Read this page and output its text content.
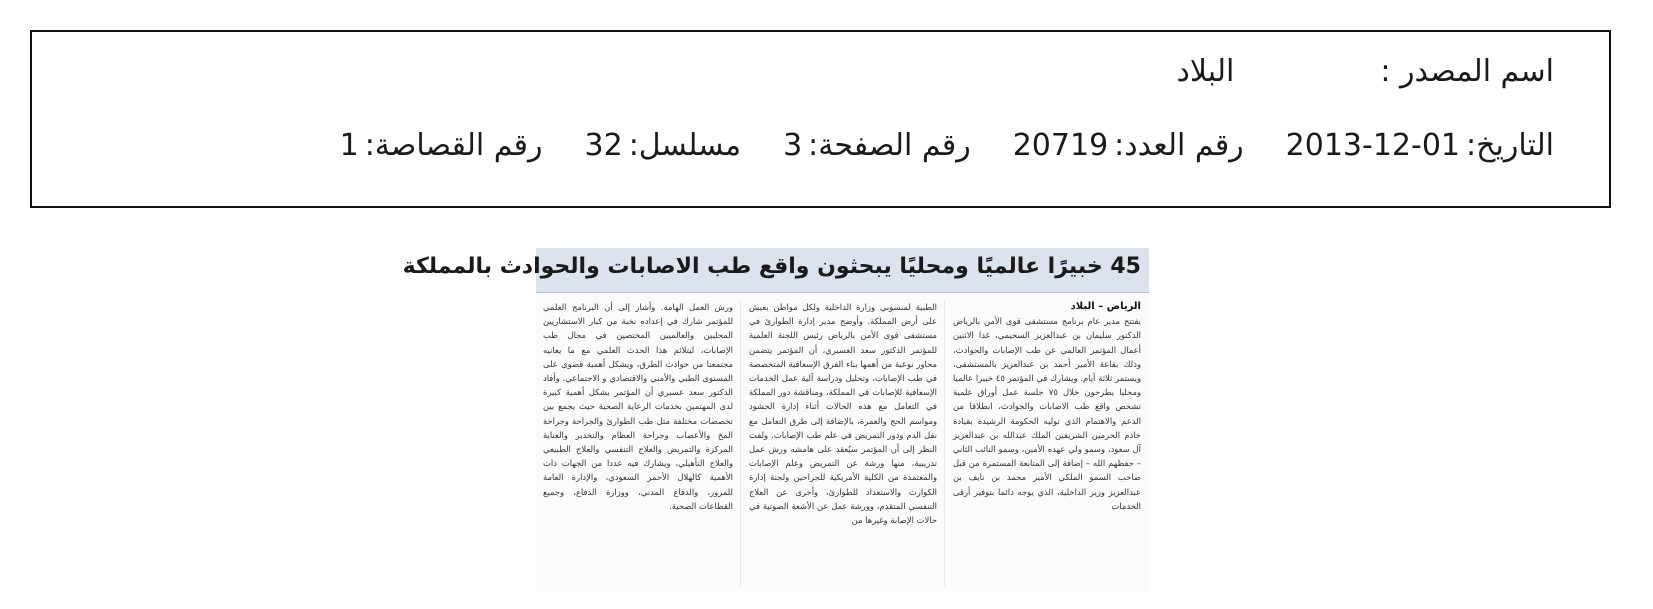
اسم المصدر :
البلاد
التاريخ:
2013-12-01
رقم العدد:
20719
رقم الصفحة:
3
مسلسل:
32
رقم القصاصة:
1
45 خبيرًا عالميًا ومحليًا يبحثون واقع طب الاصابات والحوادث بالمملكة
الرياض – البلاد
يفتتح مدير عام برنامج مستشفى قوى الأمن بالرياض الدكتور سليمان بن عبدالعزيز السحيمي، غدا الاثنين أعمال المؤتمر العالمي عن طب الإصابات والحوادث، وذلك بقاعة الأمير أحمد بن عبدالعزيز بالمستشفى، ويستمر ثلاثة أيام. ويشارك في المؤتمر ٤٥ خبيرا عالميا ومحليا يطرحون خلال ٧٥ جلسة عمل أوراق علمية تشخص واقع طب الاصابات والحوادث، انطلاقا من الدعم والاهتمام الذي توليه الحكومة الرشيدة بقيادة خادم الحرمين الشريفين الملك عبدالله بن عبدالعزيز آل سعود، وسمو ولي عهده الأمين، وسمو النائب الثاني – حفظهم الله – إضافة إلى المتابعة المستمرة من قبل صاحب السمو الملكي الأمير محمد بن نايف بن عبدالعزيز وزير الداخلية، الذي يوجه دائما بتوفير أرقى الخدمات
الطبية لمنسوبي وزارة الداخلية ولكل مواطن يعيش على أرض المملكة. وأوضح مدير إدارة الطوارئ في مستشفى قوى الأمن بالرياض رئيس اللجنة العلمية للمؤتمر الدكتور سعد العسيري، أن المؤتمر يتضمن محاور نوعية من أهمها بناء الفرق الإسعافية المتخصصة في طب الإصابات، وتحليل ودراسة آلية عمل الخدمات الإسعافية للإصابات في المملكة، ومناقشة دور المملكة في التعامل مع هذه الحالات أثناء إدارة الحشود ومواسم الحج والعمرة، بالإضافة إلى طرق التعامل مع نقل الدم ودور التمريض في علم طب الإصابات. ولفت النظر إلى أن المؤتمر سيُعقد على هامشه ورش عمل تدريبية، منها ورشة عن التمريض وعلم الإصابات والمعتمدة من الكلية الأمريكية للجراحين ولجنة إدارة الكوارث والاستعداد للطوارئ، وأخرى عن العلاج التنفسي المتقدم، وورشة عمل عن الأشعة الصوتية في حالات الإصابة وغيرها من
ورش العمل الهامة. وأشار إلى أن البرنامج العلمي للمؤتمر شارك في إعداده نخبة من كبار الاستشاريين المحليين والعالميين المختصين في مجال طب الإصابات، ليتلائم هذا الحدث العلمي مع ما يعانيه مجتمعنا من حوادث الطرق، ويشكل أهمية قصوى على المستوى الطبي والأمني والاقتصادي و الاجتماعي. وأفاد الدكتور سعد عسيري أن المؤتمر يشكل أهمية كبيرة لدى المهتمين بخدمات الرعاية الصحية حيث يجمع بين تخصصات مختلفة مثل طب الطوارئ والجراحة وجراحة المخ والأعصاب وجراحة العظام والتخدير والعناية المركزة والتمريض والعلاج التنفسي والعلاج الطبيعي والعلاج التأهيلي، ويشارك فيه عددا من الجهات ذات الأهمية كالهلال الأحمر السعودي، والإدارة العامة للمرور، والدفاع المدني، ووزارة الدفاع، وجميع القطاعات الصحية.
